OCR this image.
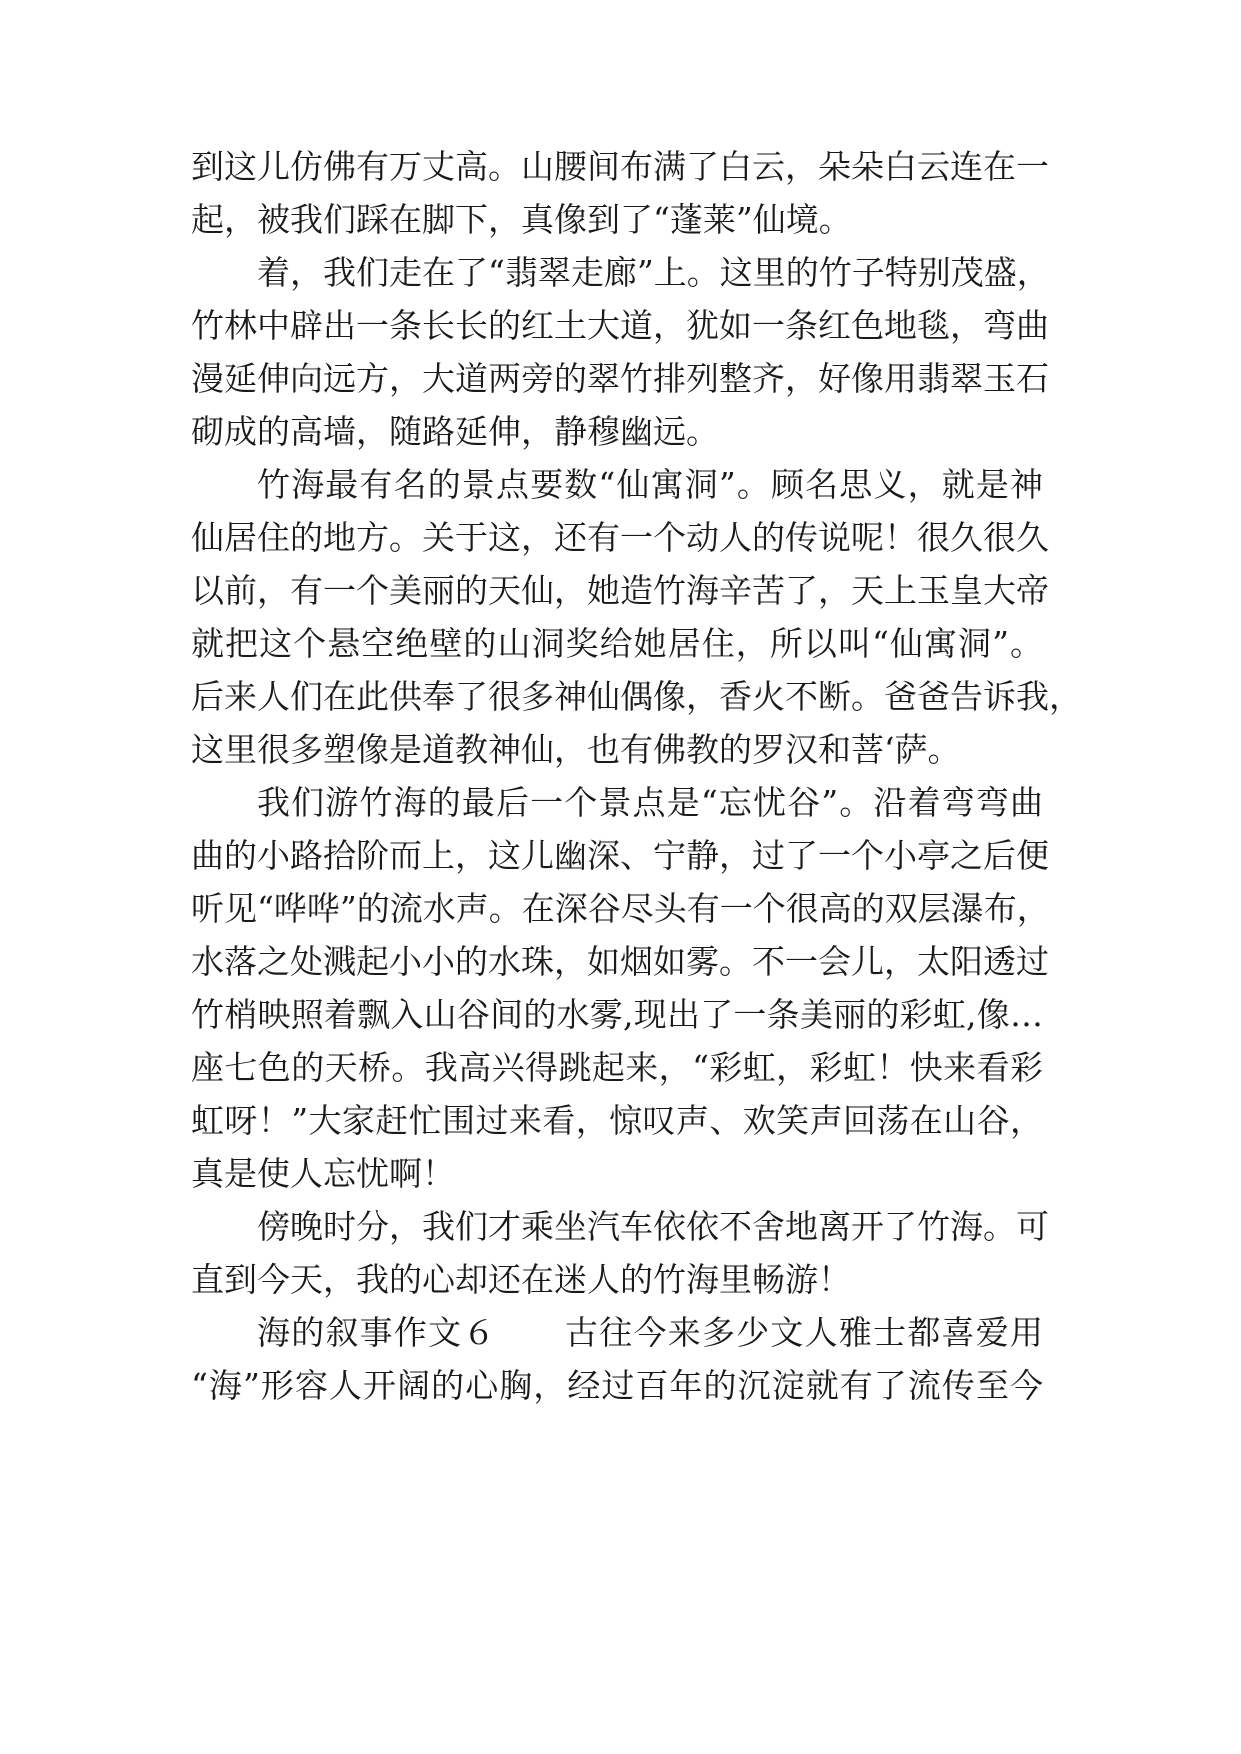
到这儿仿佛有万丈高。山腰间布满了白云，朵朵白云连在一

起，被我们踩在脚下，真像到了“蓬莱”仙境。

着，我们走在了“翡翠走廊”上。这里的竹子特别茂盛，

竹林中辟出一条长长的红土大道，犹如一条红色地毯，弯曲

漫延伸向远方，大道两旁的翠竹排列整齐，好像用翡翠玉石

砌成的高墙，随路延伸，静穆幽远。

竹海最有名的景点要数“仙寓洞”。顾名思义，就是神

仙居住的地方。关于这，还有一个动人的传说呢！很久很久

以前，有一个美丽的天仙，她造竹海辛苦了，天上玉皇大帝

就把这个悬空绝壁的山洞奖给她居住，所以叫“仙寓洞”。

后来人们在此供奉了很多神仙偶像，香火不断。爸爸告诉我，

这里很多塑像是道教神仙，也有佛教的罗汉和菩‘萨。

我们游竹海的最后一个景点是“忘忧谷”。沿着弯弯曲

曲的小路拾阶而上，这儿幽深、宁静，过了一个小亭之后便

听见“哗哗”的流水声。在深谷尽头有一个很高的双层瀑布，

水落之处溅起小小的水珠，如烟如雾。不一会儿，太阳透过

竹梢映照着飘入山谷间的水雾,现出了一条美丽的彩虹,像…

座七色的天桥。我高兴得跳起来，“彩虹，彩虹！快来看彩

虹呀！”大家赶忙围过来看，惊叹声、欢笑声回荡在山谷，

真是使人忘忧啊！

傍晚时分，我们才乘坐汽车依依不舍地离开了竹海。可

直到今天，我的心却还在迷人的竹海里畅游！

海的叙事作文６　　古往今来多少文人雅士都喜爱用

“海”形容人开阔的心胸，经过百年的沉淀就有了流传至今
